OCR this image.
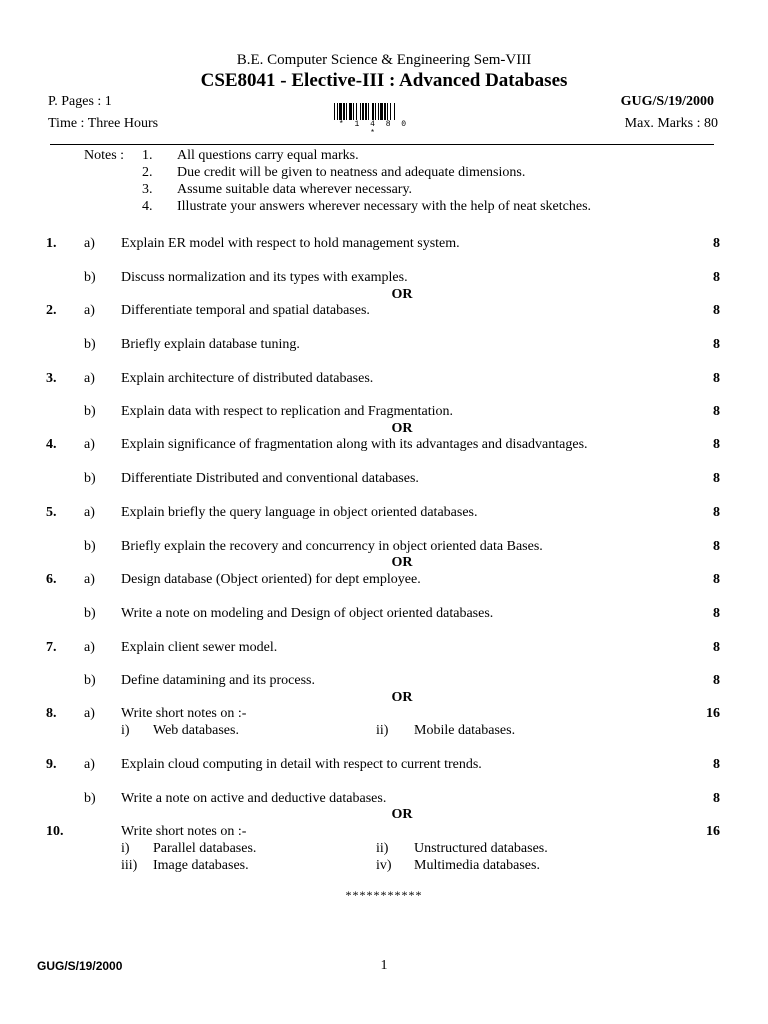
B.E. Computer Science & Engineering Sem-VIII
CSE8041 - Elective-III : Advanced Databases
P. Pages : 1	GUG/S/19/2000
Time : Three Hours	Max. Marks : 80
* 1 4 8 0 *
Notes : 1. All questions carry equal marks.
2. Due credit will be given to neatness and adequate dimensions.
3. Assume suitable data wherever necessary.
4. Illustrate your answers wherever necessary with the help of neat sketches.
1. a) Explain ER model with respect to hold management system.	8
b) Discuss normalization and its types with examples.	8
OR
2. a) Differentiate temporal and spatial databases.	8
b) Briefly explain database tuning.	8
3. a) Explain architecture of distributed databases.	8
b) Explain data with respect to replication and Fragmentation.	8
OR
4. a) Explain significance of fragmentation along with its advantages and disadvantages.	8
b) Differentiate Distributed and conventional databases.	8
5. a) Explain briefly the query language in object oriented databases.	8
b) Briefly explain the recovery and concurrency in object oriented data Bases.	8
OR
6. a) Design database (Object oriented) for dept employee.	8
b) Write a note on modeling and Design of object oriented databases.	8
7. a) Explain client sewer model.	8
b) Define datamining and its process.	8
OR
8. a) Write short notes on :-	16
i) Web databases.	ii) Mobile databases.
9. a) Explain cloud computing in detail with respect to current trends.	8
b) Write a note on active and deductive databases.	8
OR
10.	Write short notes on :-	16
i) Parallel databases.	ii) Unstructured databases.
iii) Image databases.	iv) Multimedia databases.
***********
GUG/S/19/2000	1
